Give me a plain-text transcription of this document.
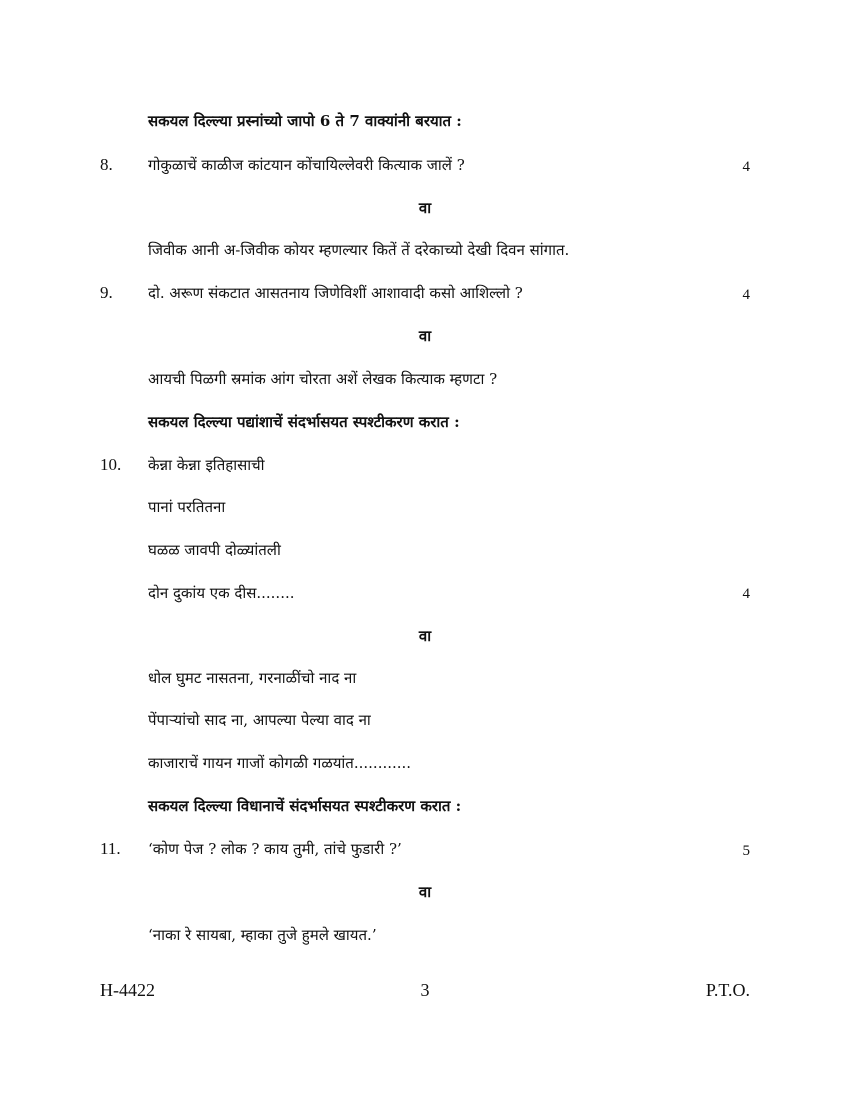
सकयल दिल्ल्या प्रस्नांच्यो जापो 6 ते 7 वाक्यांनी बरयात :
8. गोकुळाचें काळीज कांटयान कोंचायिल्लेवरी कित्याक जालें ?	4
वा
जिवीक आनी अ-जिवीक कोयर म्हणल्यार कितें तें दरेकाच्यो देखी दिवन सांगात.
9. दो. अरूण संकटात आसतनाय जिणेविशीं आशावादी कसो आशिल्लो ?	4
वा
आयची पिळगी स्रमांक आंग चोरता अशें लेखक कित्याक म्हणटा ?
सकयल दिल्ल्या पद्यांशाचें संदर्भासयत स्पश्टीकरण करात :
10. केन्ना केन्ना इतिहासाची
पानां परतितना
घळळ जावपी दोळ्यांतली
दोन दुकांय एक दीस........	4
वा
धोल घुमट नासतना, गरनाळींचो नाद ना
पेंपाऱ्यांचो साद ना, आपल्या पेल्या वाद ना
काजाराचें गायन गाजों कोगळी गळयांत............
सकयल दिल्ल्या विधानाचें संदर्भासयत स्पश्टीकरण करात :
11. ‘कोण पेज ? लोक ? काय तुमी, तांचे फुडारी ?’	5
वा
‘नाका रे सायबा, म्हाका तुजे हुमले खायत.’
H-4422	3	P.T.O.
